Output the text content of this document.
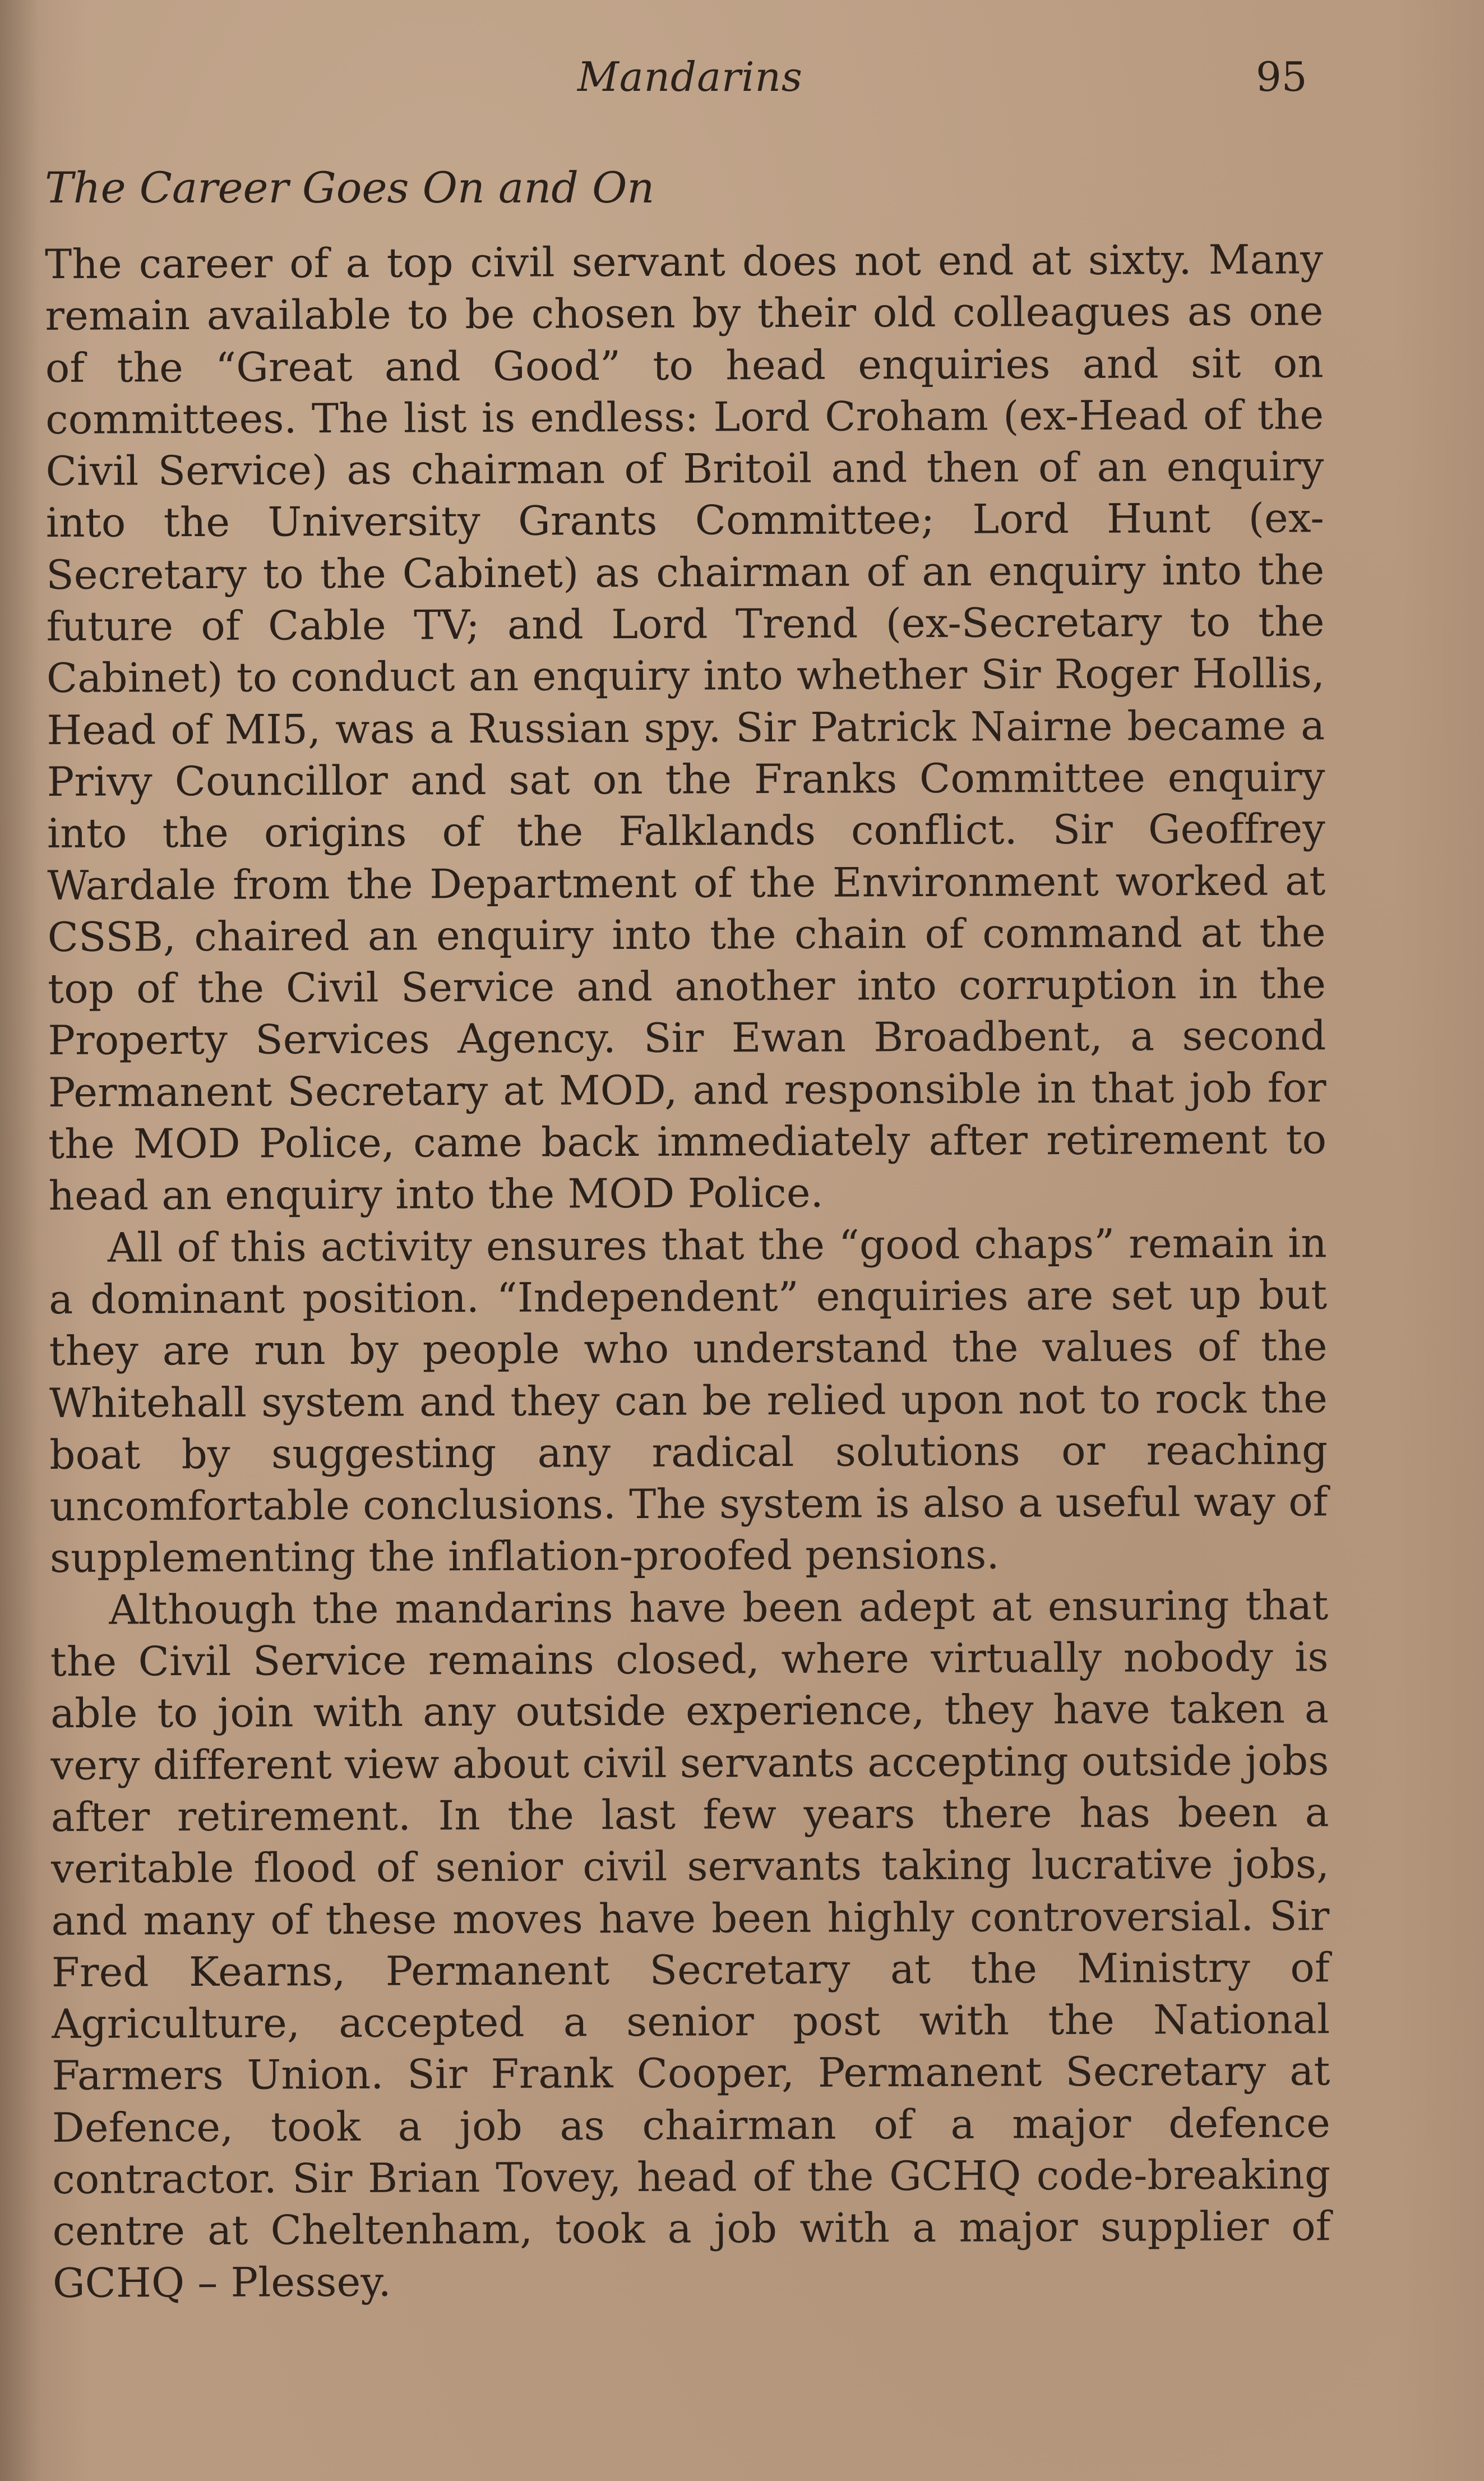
Mandarins	95
The Career Goes On and On

The career of a top civil servant does not end at sixty. Many remain available to be chosen by their old colleagues as one of the “Great and Good” to head enquiries and sit on committees. The list is endless: Lord Croham (ex-Head of the Civil Service) as chairman of Britoil and then of an enquiry into the University Grants Committee; Lord Hunt (ex-Secretary to the Cabinet) as chairman of an enquiry into the future of Cable TV; and Lord Trend (ex-Secretary to the Cabinet) to conduct an enquiry into whether Sir Roger Hollis, Head of MI5, was a Russian spy. Sir Patrick Nairne became a Privy Councillor and sat on the Franks Committee enquiry into the origins of the Falklands conflict. Sir Geoffrey Wardale from the Department of the Environment worked at CSSB, chaired an enquiry into the chain of command at the top of the Civil Service and another into corruption in the Property Services Agency. Sir Ewan Broadbent, a second Permanent Secretary at MOD, and responsible in that job for the MOD Police, came back immediately after retirement to head an enquiry into the MOD Police.

All of this activity ensures that the “good chaps” remain in a dominant position. “Independent” enquiries are set up but they are run by people who understand the values of the Whitehall system and they can be relied upon not to rock the boat by suggesting any radical solutions or reaching uncomfortable conclusions. The system is also a useful way of supplementing the inflation-proofed pensions.

Although the mandarins have been adept at ensuring that the Civil Service remains closed, where virtually nobody is able to join with any outside experience, they have taken a very different view about civil servants accepting outside jobs after retirement. In the last few years there has been a veritable flood of senior civil servants taking lucrative jobs, and many of these moves have been highly controversial. Sir Fred Kearns, Permanent Secretary at the Ministry of Agriculture, accepted a senior post with the National Farmers Union. Sir Frank Cooper, Permanent Secretary at Defence, took a job as chairman of a major defence contractor. Sir Brian Tovey, head of the GCHQ code-breaking centre at Cheltenham, took a job with a major supplier of GCHQ – Plessey.
